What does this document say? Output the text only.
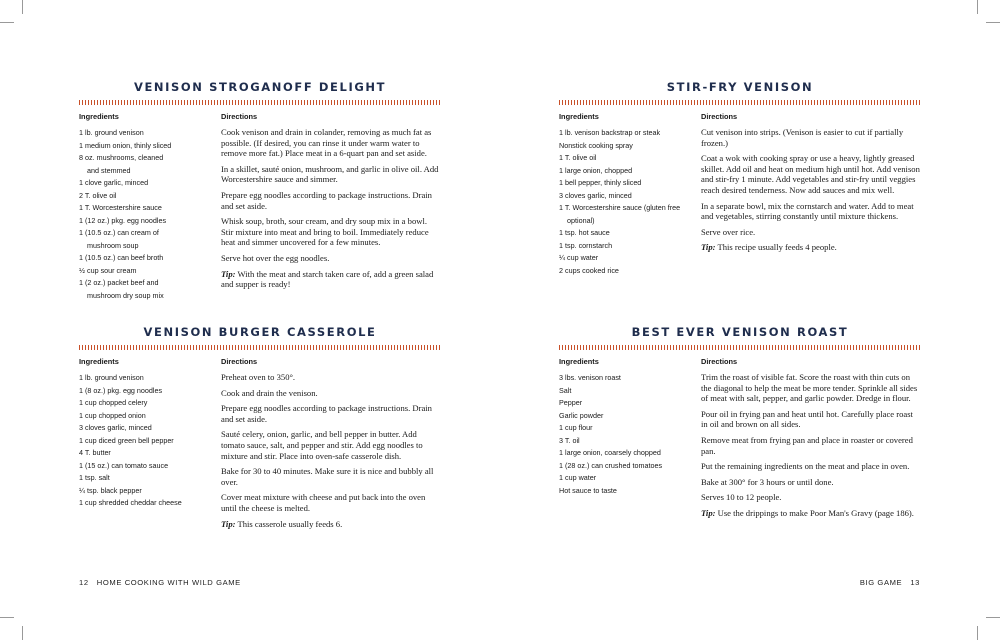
VENISON STROGANOFF DELIGHT
Ingredients
1 lb. ground venison
1 medium onion, thinly sliced
8 oz. mushrooms, cleaned
and stemmed
1 clove garlic, minced
2 T. olive oil
1 T. Worcestershire sauce
1 (12 oz.) pkg. egg noodles
1 (10.5 oz.) can cream of
mushroom soup
1 (10.5 oz.) can beef broth
½ cup sour cream
1 (2 oz.) packet beef and
mushroom dry soup mix
Directions

Cook venison and drain in colander, removing as much fat as possible. (If desired, you can rinse it under warm water to remove more fat.) Place meat in a 6-quart pan and set aside.

In a skillet, sauté onion, mushroom, and garlic in olive oil. Add Worcestershire sauce and simmer.

Prepare egg noodles according to package instructions. Drain and set aside.

Whisk soup, broth, sour cream, and dry soup mix in a bowl. Stir mixture into meat and bring to boil. Immediately reduce heat and simmer uncovered for a few minutes.

Serve hot over the egg noodles.

Tip: With the meat and starch taken care of, add a green salad and supper is ready!

VENISON BURGER CASSEROLE
Ingredients
1 lb. ground venison
1 (8 oz.) pkg. egg noodles
1 cup chopped celery
1 cup chopped onion
3 cloves garlic, minced
1 cup diced green bell pepper
4 T. butter
1 (15 oz.) can tomato sauce
1 tsp. salt
¼ tsp. black pepper
1 cup shredded cheddar cheese
Directions

Preheat oven to 350°.

Cook and drain the venison.

Prepare egg noodles according to package instructions. Drain and set aside.

Sauté celery, onion, garlic, and bell pepper in butter. Add tomato sauce, salt, and pepper and stir. Add egg noodles to mixture and stir. Place into oven-safe casserole dish.

Bake for 30 to 40 minutes. Make sure it is nice and bubbly all over.

Cover meat mixture with cheese and put back into the oven until the cheese is melted.

Tip: This casserole usually feeds 6.

12 HOME COOKING WITH WILD GAME
STIR-FRY VENISON
Ingredients
1 lb. venison backstrap or steak
Nonstick cooking spray
1 T. olive oil
1 large onion, chopped
1 bell pepper, thinly sliced
3 cloves garlic, minced
1 T. Worcestershire sauce (gluten free
optional)
1 tsp. hot sauce
1 tsp. cornstarch
¼ cup water
2 cups cooked rice
Directions

Cut venison into strips. (Venison is easier to cut if partially frozen.)

Coat a wok with cooking spray or use a heavy, lightly greased skillet. Add oil and heat on medium high until hot. Add venison and stir-fry 1 minute. Add vegetables and stir-fry until veggies reach desired tenderness. Now add sauces and mix well.

In a separate bowl, mix the cornstarch and water. Add to meat and vegetables, stirring constantly until mixture thickens.

Serve over rice.

Tip: This recipe usually feeds 4 people.

BEST EVER VENISON ROAST
Ingredients
3 lbs. venison roast
Salt
Pepper
Garlic powder
1 cup flour
3 T. oil
1 large onion, coarsely chopped
1 (28 oz.) can crushed tomatoes
1 cup water
Hot sauce to taste
Directions

Trim the roast of visible fat. Score the roast with thin cuts on the diagonal to help the meat be more tender. Sprinkle all sides of meat with salt, pepper, and garlic powder. Dredge in flour.

Pour oil in frying pan and heat until hot. Carefully place roast in oil and brown on all sides.

Remove meat from frying pan and place in roaster or covered pan.

Put the remaining ingredients on the meat and place in oven.

Bake at 300° for 3 hours or until done.

Serves 10 to 12 people.

Tip: Use the drippings to make Poor Man's Gravy (page 186).

BIG GAME 13
